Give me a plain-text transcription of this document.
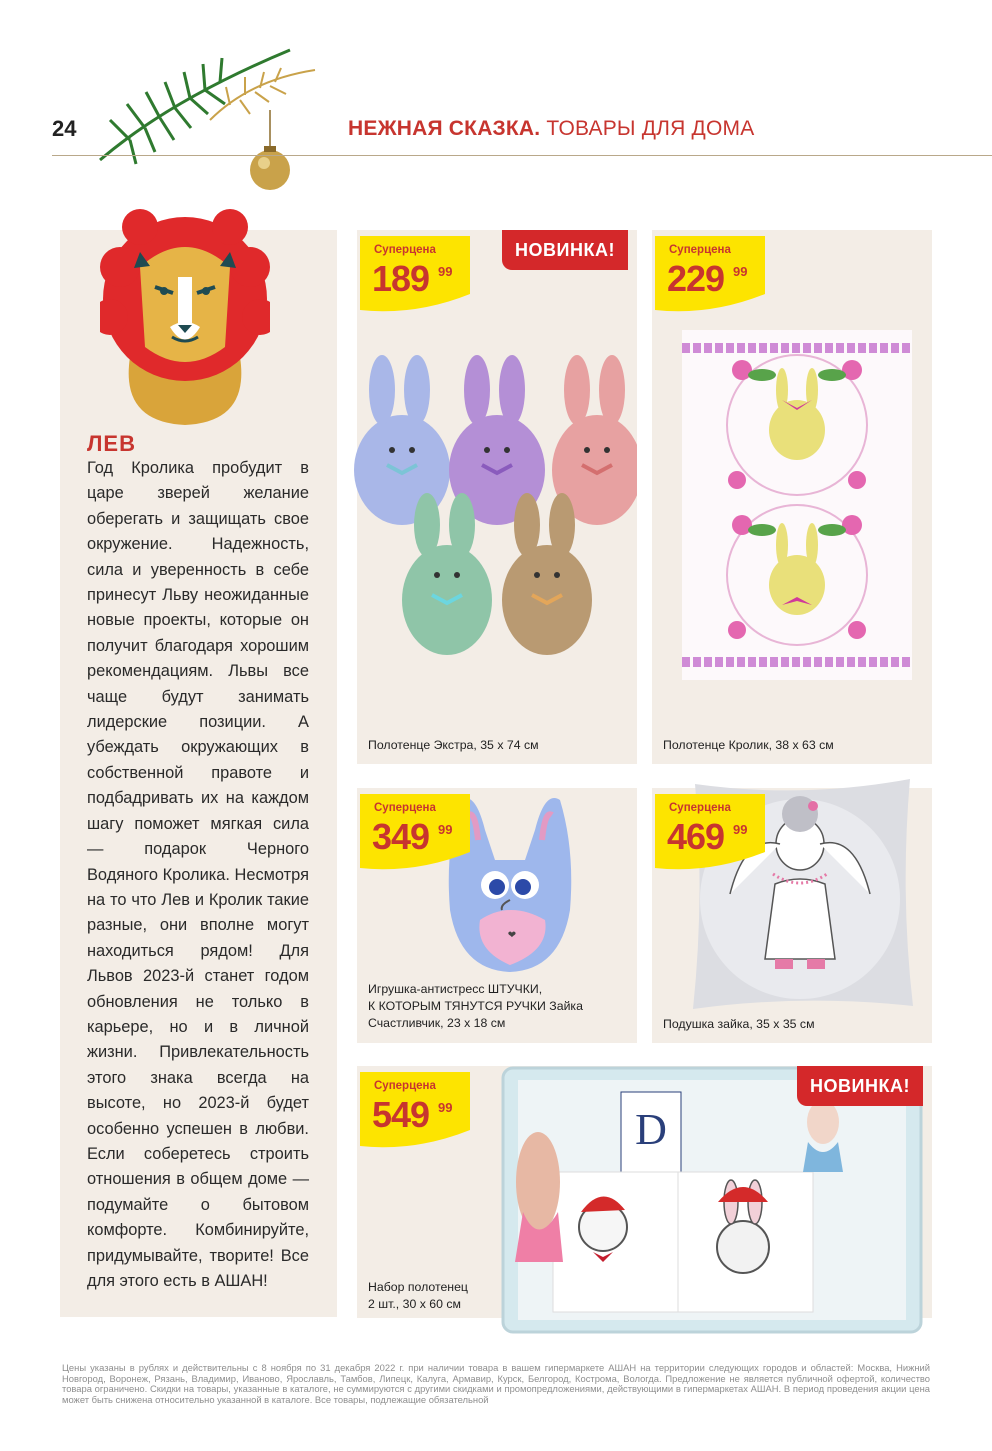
24	НЕЖНАЯ СКАЗКА. ТОВАРЫ ДЛЯ ДОМА
ЛЕВ
Год Кролика пробудит в царе зверей желание оберегать и защищать свое окружение. Надежность, сила и уверенность в себе принесут Льву неожиданные новые проекты, которые он получит благодаря хорошим рекомендациям. Львы все чаще будут занимать лидерские позиции. А убеждать окружающих в собственной правоте и подбадривать их на каждом шагу поможет мягкая сила — подарок Черного Водяного Кролика. Несмотря на то что Лев и Кролик такие разные, они вполне могут находиться рядом! Для Львов 2023-й станет годом обновления не только в карьере, но и в личной жизни. Привлекательность этого знака всегда на высоте, но 2023-й будет особенно успешен в любви. Если соберетесь строить отношения в общем доме — подумайте о бытовом комфорте. Комбинируйте, придумывайте, творите! Все для этого есть в АШАН!
Суперцена
189 99
НОВИНКА!
Полотенце Экстра, 35 х 74 см
Суперцена
229 99
Полотенце Кролик, 38 х 63 см
❤
Суперцена
349 99
Игрушка-антистресс ШТУЧКИ,
К КОТОРЫМ ТЯНУТСЯ РУЧКИ Зайка
Счастливчик, 23 х 18 см
Суперцена
469 99
Подушка зайка, 35 х 35 см
D
Суперцена
549 99
НОВИНКА!
Набор полотенец
2 шт., 30 х 60 см
Цены указаны в рублях и действительны с 8 ноября по 31 декабря 2022 г. при наличии товара в вашем гипермаркете АШАН на территории следующих городов и областей: Москва, Нижний Новгород, Воронеж, Рязань, Владимир, Иваново, Ярославль, Тамбов, Липецк, Калуга, Армавир, Курск, Белгород, Кострома, Вологда. Предложение не является публичной офертой, количество товара ограничено. Скидки на товары, указанные в каталоге, не суммируются с другими скидками и промопредложениями, действующими в гипермаркетах АШАН. В период проведения акции цена может быть снижена относительно указанной в каталоге. Все товары, подлежащие обязательной
